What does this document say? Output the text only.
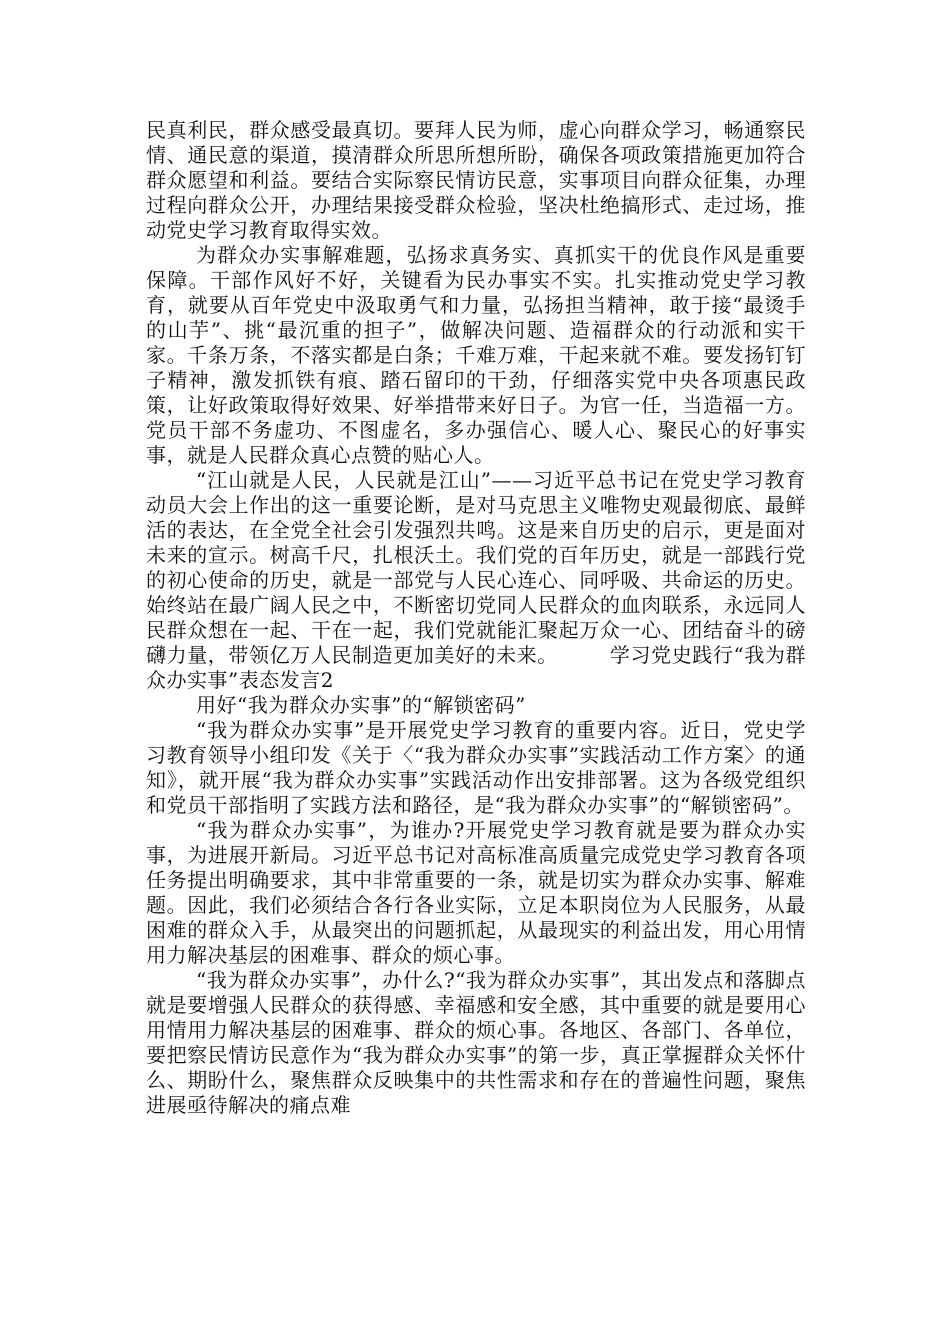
民真利民，群众感受最真切。要拜人民为师，虚心向群众学习，畅通察民情、通民意的渠道，摸清群众所思所想所盼，确保各项政策措施更加符合群众愿望和利益。要结合实际察民情访民意，实事项目向群众征集，办理过程向群众公开，办理结果接受群众检验，坚决杜绝搞形式、走过场，推动党史学习教育取得实效。

为群众办实事解难题，弘扬求真务实、真抓实干的优良作风是重要保障。干部作风好不好，关键看为民办事实不实。扎实推动党史学习教育，就要从百年党史中汲取勇气和力量，弘扬担当精神，敢于接“最烫手的山芋”、挑“最沉重的担子”，做解决问题、造福群众的行动派和实干家。千条万条，不落实都是白条；千难万难，干起来就不难。要发扬钉钉子精神，激发抓铁有痕、踏石留印的干劲，仔细落实党中央各项惠民政策，让好政策取得好效果、好举措带来好日子。为官一任，当造福一方。党员干部不务虚功、不图虚名，多办强信心、暖人心、聚民心的好事实事，就是人民群众真心点赞的贴心人。

“江山就是人民，人民就是江山”——习近平总书记在党史学习教育动员大会上作出的这一重要论断，是对马克思主义唯物史观最彻底、最鲜活的表达，在全党全社会引发强烈共鸣。这是来自历史的启示，更是面对未来的宣示。树高千尺，扎根沃土。我们党的百年历史，就是一部践行党的初心使命的历史，就是一部党与人民心连心、同呼吸、共命运的历史。始终站在最广阔人民之中，不断密切党同人民群众的血肉联系，永远同人民群众想在一起、干在一起，我们党就能汇聚起万众一心、团结奋斗的磅礴力量，带领亿万人民制造更加美好的未来。	学习党史践行“我为群众办实事”表态发言2

用好“我为群众办实事”的“解锁密码”

“我为群众办实事”是开展党史学习教育的重要内容。近日，党史学习教育领导小组印发《关于〈“我为群众办实事”实践活动工作方案〉的通知》，就开展“我为群众办实事”实践活动作出安排部署。这为各级党组织和党员干部指明了实践方法和路径，是“我为群众办实事”的“解锁密码”。

“我为群众办实事”，为谁办?开展党史学习教育就是要为群众办实事，为进展开新局。习近平总书记对高标准高质量完成党史学习教育各项任务提出明确要求，其中非常重要的一条，就是切实为群众办实事、解难题。因此，我们必须结合各行各业实际，立足本职岗位为人民服务，从最困难的群众入手，从最突出的问题抓起，从最现实的利益出发，用心用情用力解决基层的困难事、群众的烦心事。

“我为群众办实事”，办什么?“我为群众办实事”，其出发点和落脚点就是要增强人民群众的获得感、幸福感和安全感，其中重要的就是要用心用情用力解决基层的困难事、群众的烦心事。各地区、各部门、各单位，要把察民情访民意作为“我为群众办实事”的第一步，真正掌握群众关怀什么、期盼什么，聚焦群众反映集中的共性需求和存在的普遍性问题，聚焦进展亟待解决的痛点难
